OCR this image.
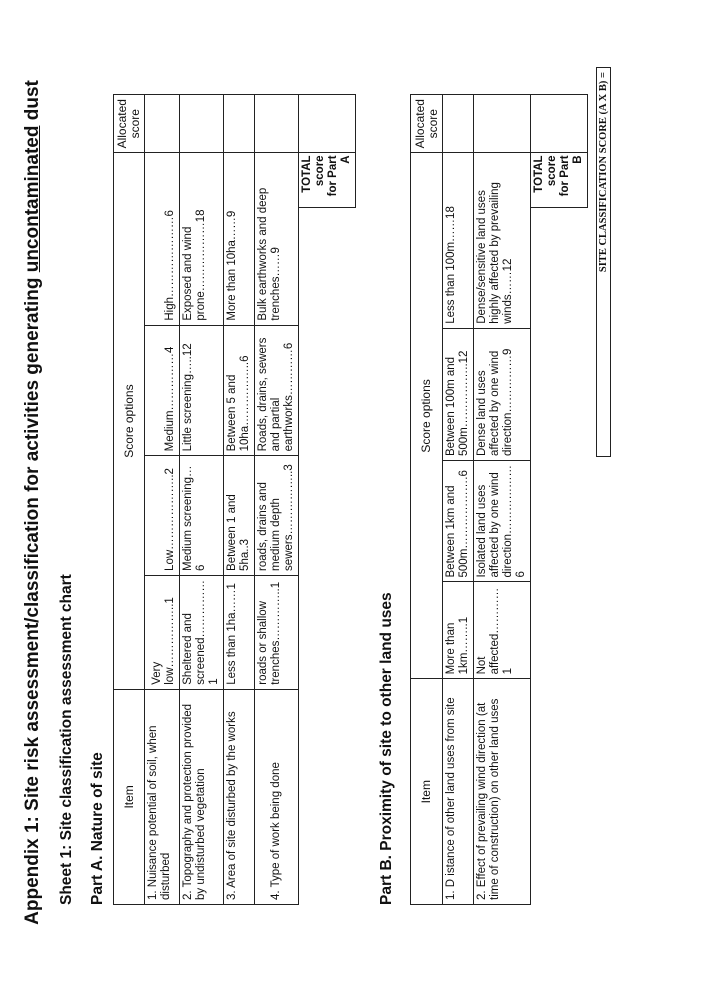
Appendix 1: Site risk assessment/classification for activities generating uncontaminated dust
Sheet 1: Site classification assessment chart Part A. Nature of site Item	Score options					Allocated score
1. Nuisance potential of soil, when disturbed	Very low……………..1	Low………………..2	Medium……………4	High…………………6		
2. Topography and protection provided by undisturbed vegetation	Sheltered and screened……………1	Medium screening…6	Little screening…..12	Exposed and wind prone………………18		
3. Area of site disturbed by the works	Less than 1ha……1	Between 1 and 5ha..3	Between 5 and 10ha……………..6	More than 10ha……9		
4. Type of work being done	roads or shallow trenches…………..1	roads, drains and medium depth sewers……………..3	Roads, drains, sewers and partial earthworks…………6	Bulk earthworks and deep trenches……9		
					TOTAL score for Part A	
Part B. Proximity of site to other land uses Item	Score options					Allocated score
1. D istance of other land uses from site	More than 1km……..1	Between 1km and 500m……………….6	Between 100m and 500m……………..12	Less than 100m……18		
2. Effect of prevailing wind direction (at time of construction) on other land uses	Not affected…………1	Isolated land uses affected by one wind direction………………6	Dense land uses affected by one wind direction……………9	Dense/sensitive land uses highly affected by prevailing winds……12		
					TOTAL score for Part B	SITE CLASSIFICATION SCORE (A X B) =
